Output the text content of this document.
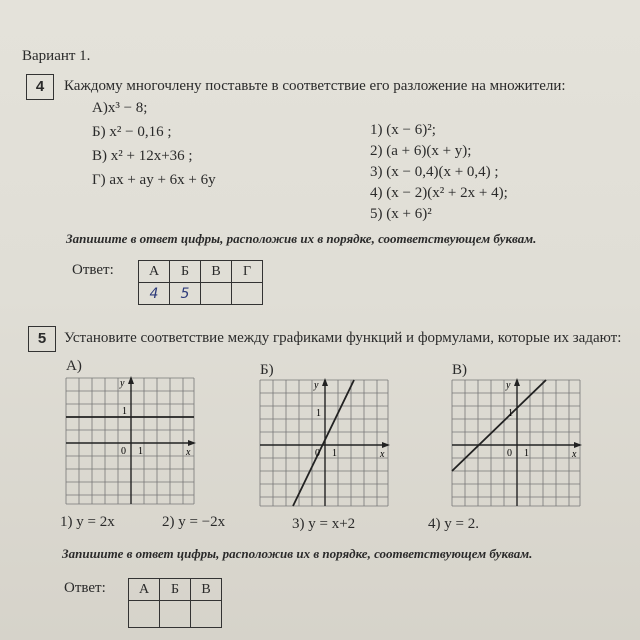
Вариант 1.
4	Каждому многочлену поставьте в соответствие его разложение на множители:
А)x³ − 8;
Б) x² − 0,16 ;
В) x² + 12x+36 ;
Г) ax + ay + 6x + 6y
1) (x − 6)²;
2) (a + 6)(x + y);
3) (x − 0,4)(x + 0,4) ;
4) (x − 2)(x² + 2x + 4);
5) (x + 6)²
Запишите в ответ цифры, расположив их в порядке, соответствующем буквам.
Ответ:	А	Б	В	Г
4	5		
5	Установите соответствие между графиками функций и формулами, которые их задают:
А)	Б)	В)
y
x
0 1
1
y
x
0 1
1
y
x
0 1
1
1) y = 2x	2) y = −2x	3) y = x+2	4) y = 2.
Запишите в ответ цифры, расположив их в порядке, соответствующем буквам.
Ответ: А	Б	В
